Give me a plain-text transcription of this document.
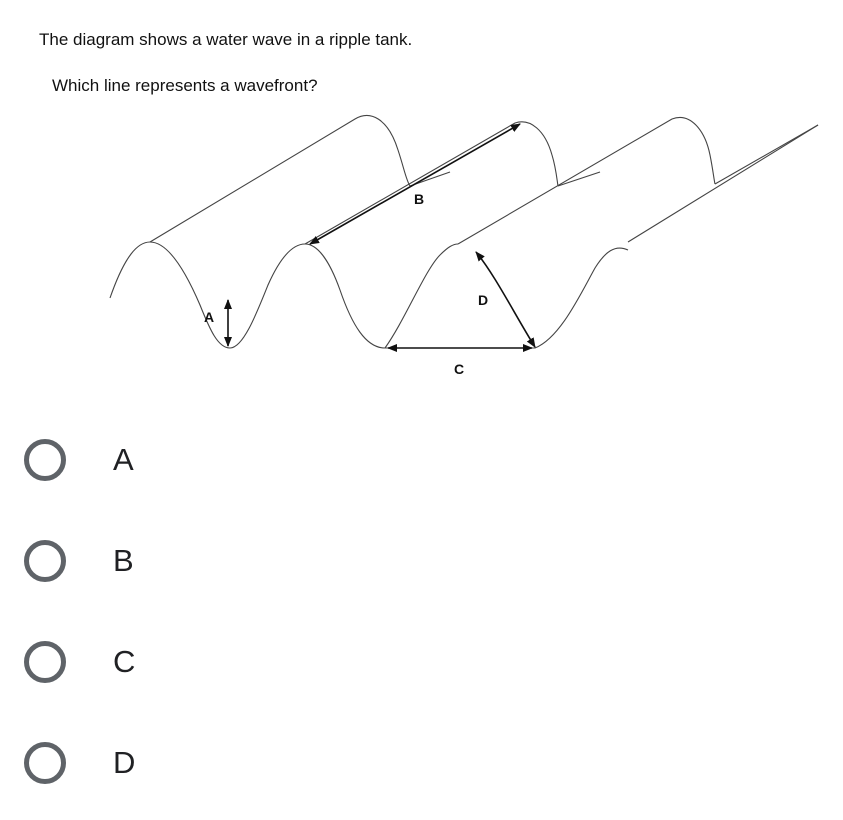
The diagram shows a water wave in a ripple tank.
Which line represents a wavefront?
A
B
C
D
A
B
C
D
